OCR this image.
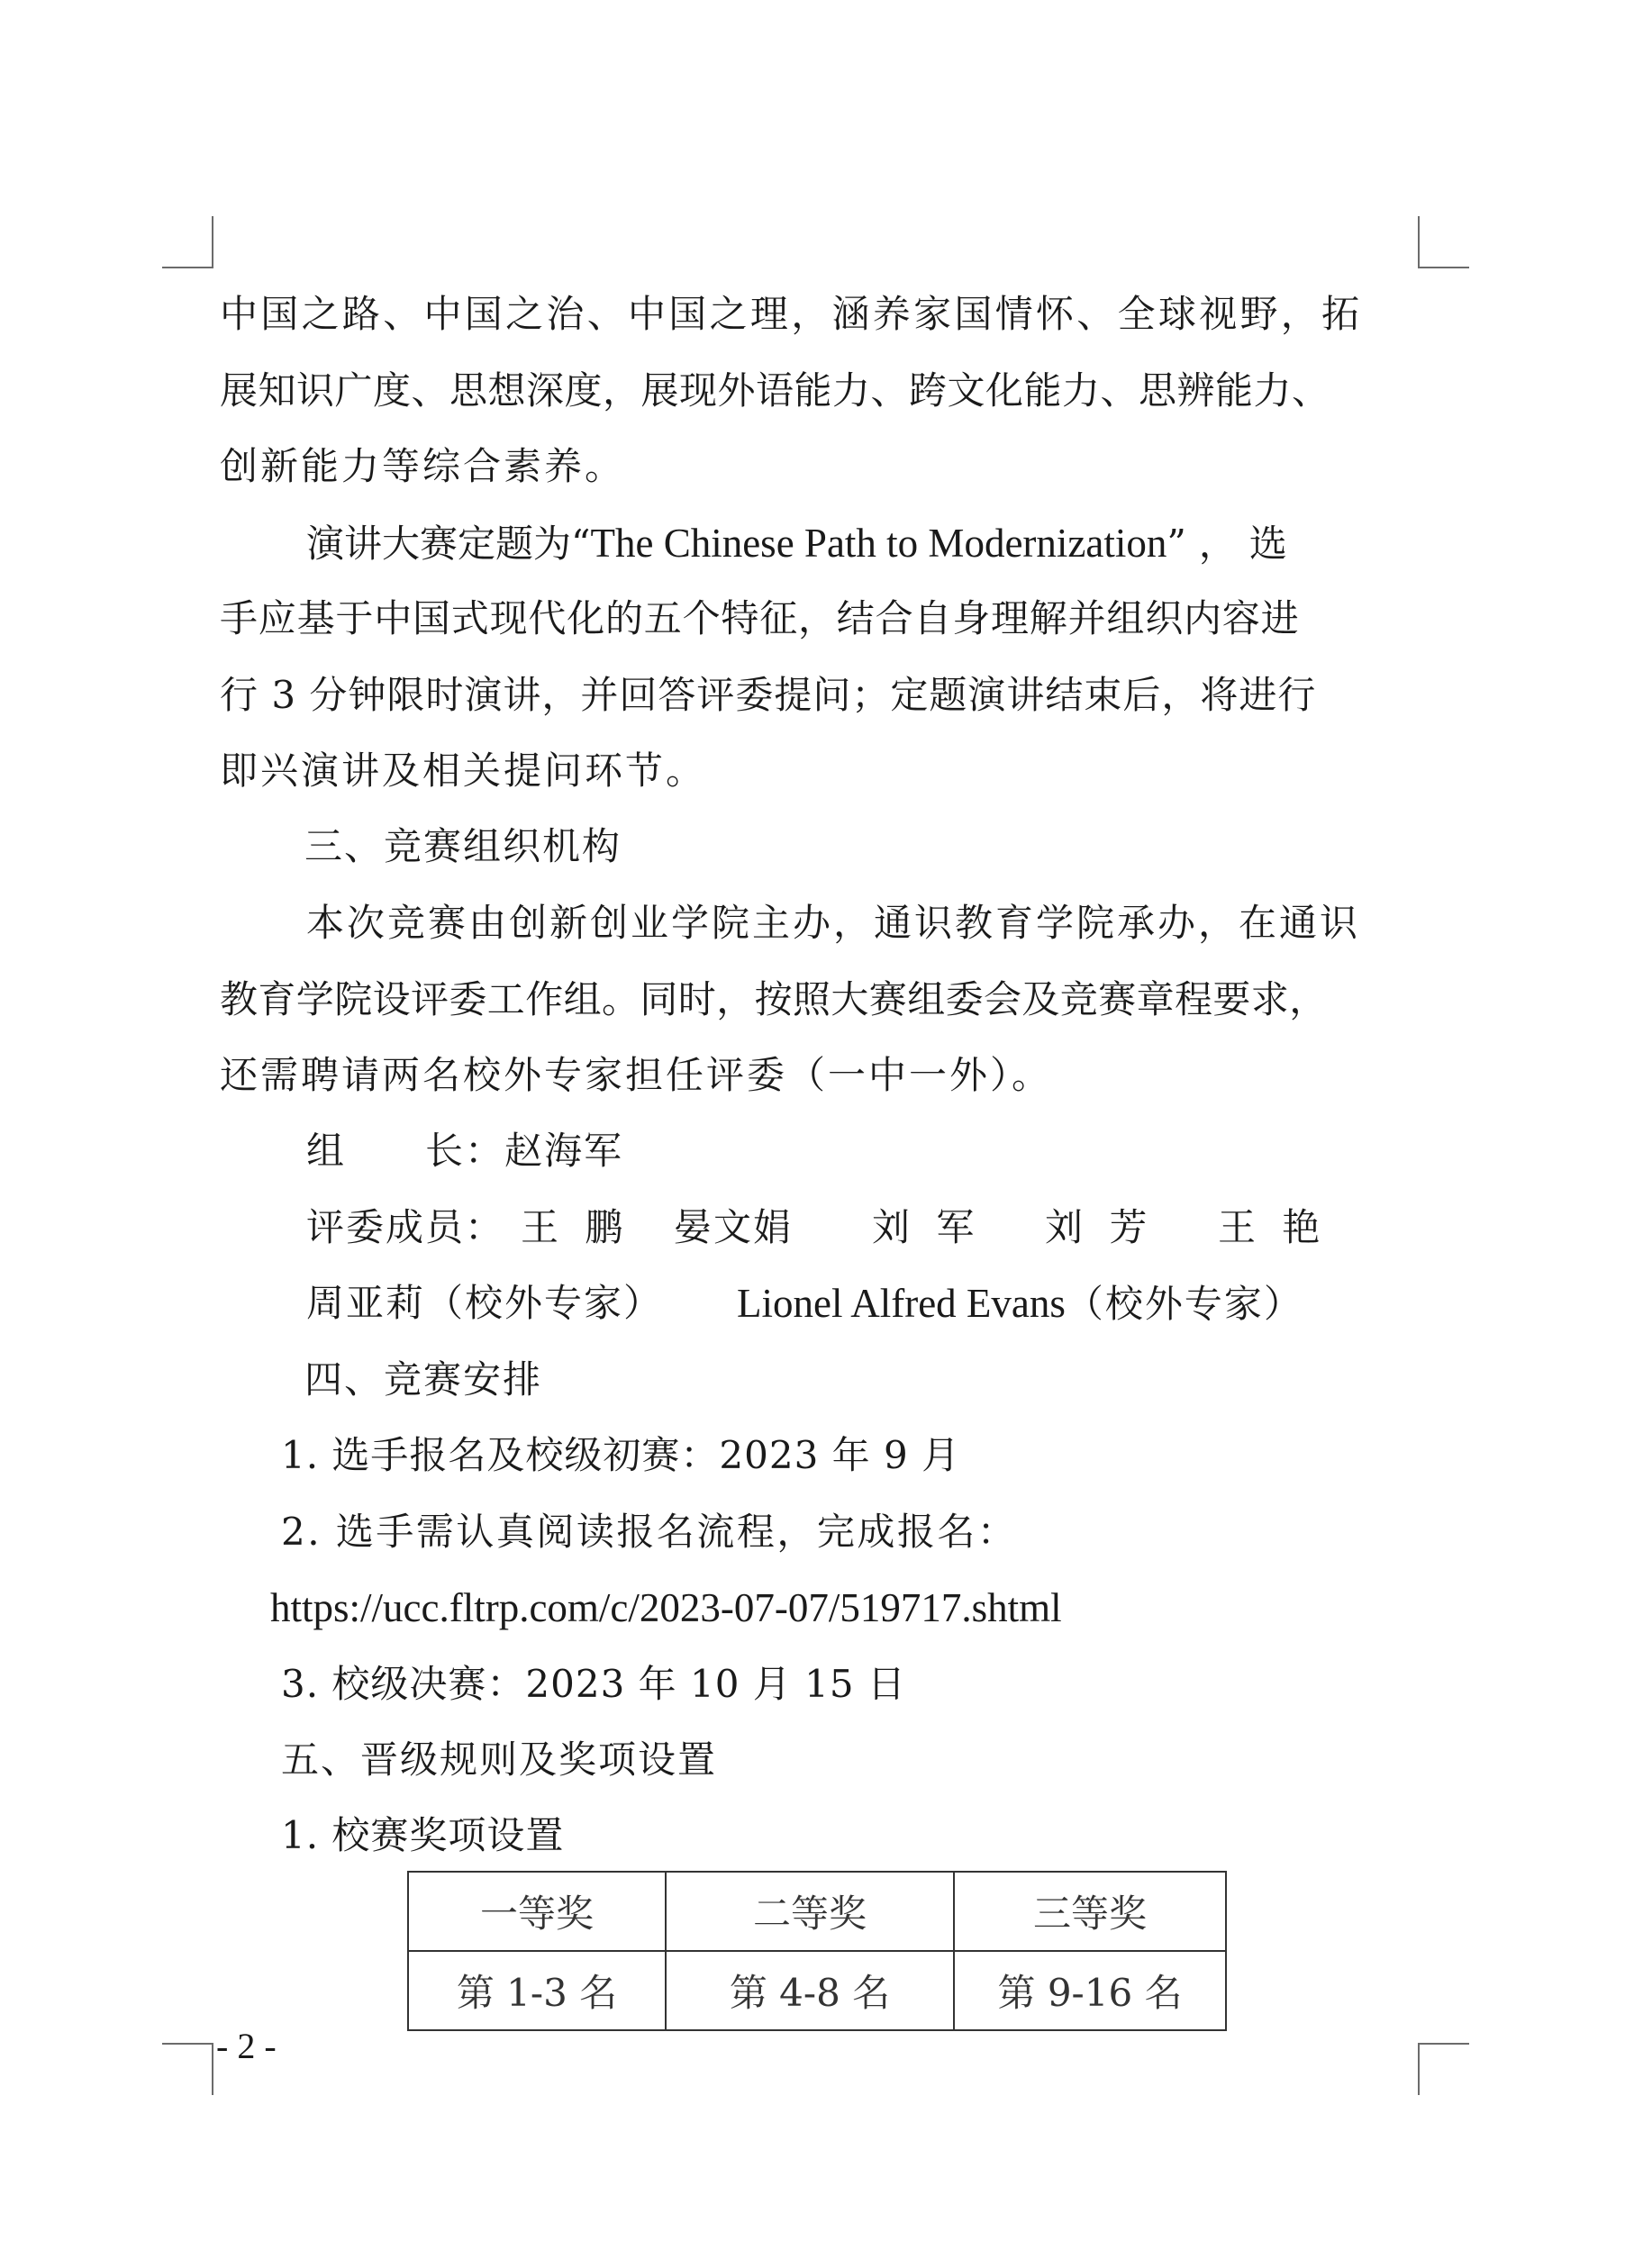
中国之路、中国之治、中国之理，涵养家国情怀、全球视野，拓
展知识广度、思想深度，展现外语能力、跨文化能力、思辨能力、
创新能力等综合素养。
演讲大赛定题为“The Chinese Path to Modernization”，选
手应基于中国式现代化的五个特征，结合自身理解并组织内容进
行 3 分钟限时演讲，并回答评委提问；定题演讲结束后，将进行
即兴演讲及相关提问环节。
三、竞赛组织机构
本次竞赛由创新创业学院主办，通识教育学院承办，在通识
教育学院设评委工作组。同时，按照大赛组委会及竞赛章程要求，
还需聘请两名校外专家担任评委（一中一外）。
组　　长：赵海军
评委成员： 王 鹏 晏文娟 刘 军 刘 芳 王 艳
周亚莉（校外专家） Lionel Alfred Evans（校外专家）
四、竞赛安排
1. 选手报名及校级初赛：2023 年 9 月
2. 选手需认真阅读报名流程，完成报名：
https://ucc.fltrp.com/c/2023-07-07/519717.shtml
3. 校级决赛：2023 年 10 月 15 日
五、晋级规则及奖项设置
1. 校赛奖项设置
一等奖	二等奖	三等奖
第 1-3 名	第 4-8 名	第 9-16 名
- 2 -
